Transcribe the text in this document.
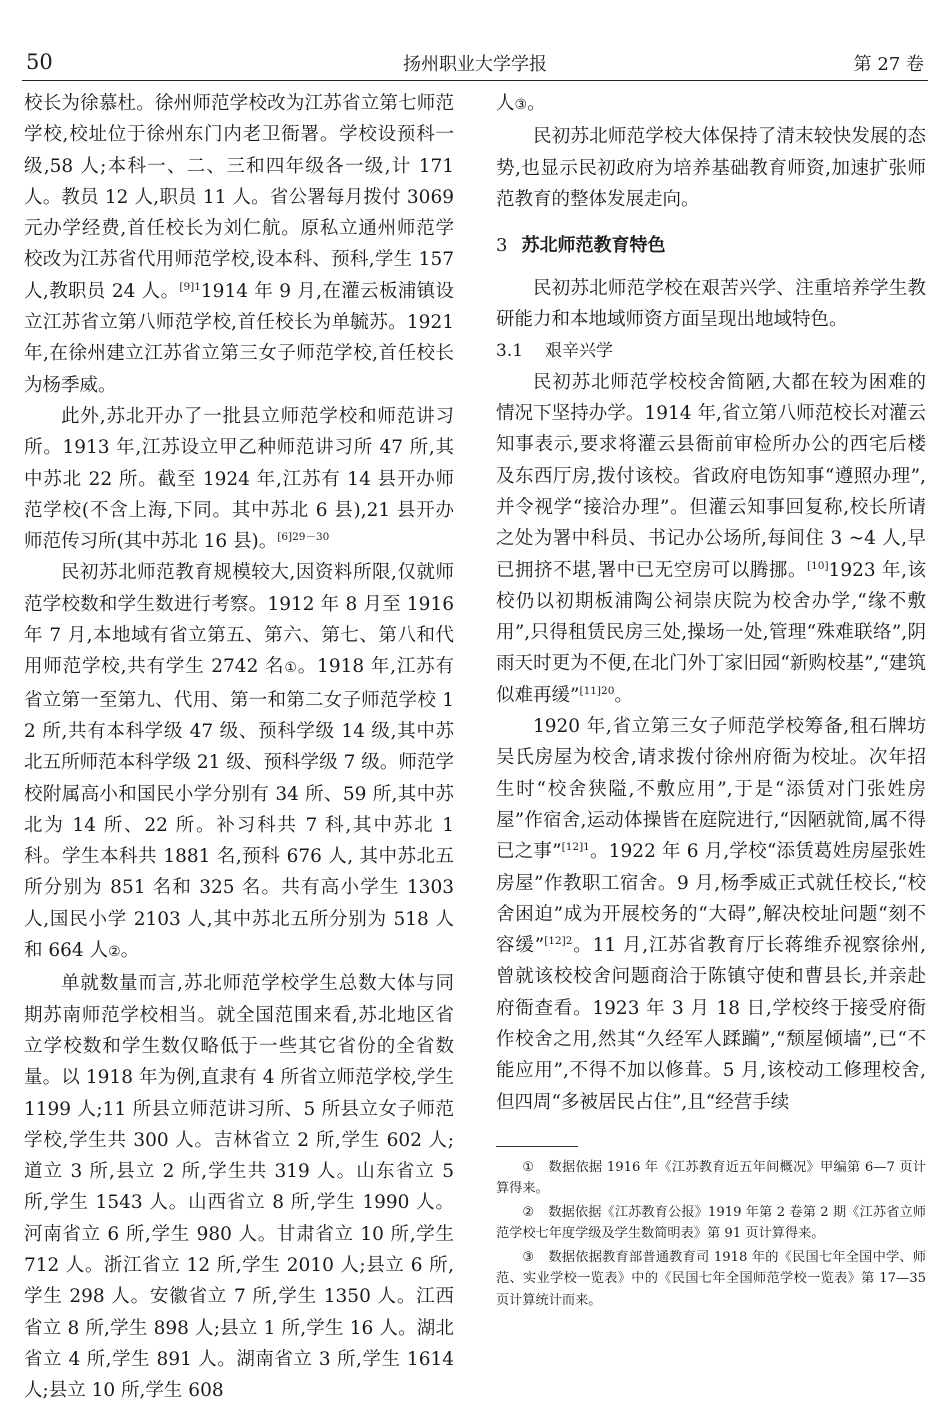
50	扬州职业大学学报	第 27 卷

校长为徐慕杜。徐州师范学校改为江苏省立第七师范学校,校址位于徐州东门内老卫衙署。学校设预科一级,58 人;本科一、二、三和四年级各一级,计 171 人。教员 12 人,职员 11 人。省公署每月拨付 3069 元办学经费,首任校长为刘仁航。原私立通州师范学校改为江苏省代用师范学校,设本科、预科,学生 157 人,教职员 24 人。$^{[9]1}$1914 年 9 月,在灌云板浦镇设立江苏省立第八师范学校,首任校长为单毓苏。1921 年,在徐州建立江苏省立第三女子师范学校,首任校长为杨季威。

此外,苏北开办了一批县立师范学校和师范讲习所。1913 年,江苏设立甲乙种师范讲习所 47 所,其中苏北 22 所。截至 1924 年,江苏有 14 县开办师范学校(不含上海,下同。其中苏北 6 县),21 县开办师范传习所(其中苏北 16 县)。$^{[6]29-30}$

民初苏北师范教育规模较大,因资料所限,仅就师范学校数和学生数进行考察。1912 年 8 月至 1916 年 7 月,本地域有省立第五、第六、第七、第八和代用师范学校,共有学生 2742 名①。1918 年,江苏有省立第一至第九、代用、第一和第二女子师范学校 12 所,共有本科学级 47 级、预科学级 14 级,其中苏北五所师范本科学级 21 级、预科学级 7 级。师范学校附属高小和国民小学分别有 34 所、59 所,其中苏北为 14 所、22 所。补习科共 7 科,其中苏北 1 科。学生本科共 1881 名,预科 676 人, 其中苏北五所分别为 851 名和 325 名。共有高小学生 1303 人,国民小学 2103 人,其中苏北五所分别为 518 人和 664 人②。

单就数量而言,苏北师范学校学生总数大体与同期苏南师范学校相当。就全国范围来看,苏北地区省立学校数和学生数仅略低于一些其它省份的全省数量。以 1918 年为例,直隶有 4 所省立师范学校,学生 1199 人;11 所县立师范讲习所、5 所县立女子师范学校,学生共 300 人。吉林省立 2 所,学生 602 人;道立 3 所,县立 2 所,学生共 319 人。山东省立 5 所,学生 1543 人。山西省立 8 所,学生 1990 人。河南省立 6 所,学生 980 人。甘肃省立 10 所,学生 712 人。浙江省立 12 所,学生 2010 人;县立 6 所,学生 298 人。安徽省立 7 所,学生 1350 人。江西省立 8 所,学生 898 人;县立 1 所,学生 16 人。湖北省立 4 所,学生 891 人。湖南省立 3 所,学生 1614 人;县立 10 所,学生 608

人③。

民初苏北师范学校大体保持了清末较快发展的态势,也显示民初政府为培养基础教育师资,加速扩张师范教育的整体发展走向。

3 苏北师范教育特色

民初苏北师范学校在艰苦兴学、注重培养学生教研能力和本地域师资方面呈现出地域特色。

3.1 艰辛兴学

民初苏北师范学校校舍简陋,大都在较为困难的情况下坚持办学。1914 年,省立第八师范校长对灌云知事表示,要求将灌云县衙前审检所办公的西宅后楼及东西厅房,拨付该校。省政府电饬知事“遵照办理”,并令视学“接洽办理”。但灌云知事回复称,校长所请之处为署中科员、书记办公场所,每间住 3 ~4 人,早已拥挤不堪,署中已无空房可以腾挪。[10]1923 年,该校仍以初期板浦陶公祠崇庆院为校舍办学,“缘不敷用”,只得租赁民房三处,操场一处,管理“殊难联络”,阴雨天时更为不便,在北门外丁家旧园“新购校基”,“建筑似难再缓”$^{[11]20}$。

1920 年,省立第三女子师范学校筹备,租石牌坊吴氏房屋为校舍,请求拨付徐州府衙为校址。次年招生时“校舍狭隘,不敷应用”,于是“添赁对门张姓房屋”作宿舍,运动体操皆在庭院进行,“因陋就简,属不得已之事”$^{[12]1}$。1922 年 6 月,学校“添赁葛姓房屋张姓房屋”作教职工宿舍。9 月,杨季威正式就任校长,“校舍困迫”成为开展校务的“大碍”,解决校址问题“刻不容缓”$^{[12]2}$。11 月,江苏省教育厅长蒋维乔视察徐州,曾就该校校舍问题商洽于陈镇守使和曹县长,并亲赴府衙查看。1923 年 3 月 18 日,学校终于接受府衙作校舍之用,然其“久经军人蹂躏”,“颓屋倾墙”,已“不能应用”,不得不加以修葺。5 月,该校动工修理校舍,但四周“多被居民占住”,且“经营手续

① 数据依据 1916 年《江苏教育近五年间概况》甲编第 6—7 页计算得来。

② 数据依据《江苏教育公报》1919 年第 2 卷第 2 期《江苏省立师范学校七年度学级及学生数简明表》第 91 页计算得来。

③ 数据依据教育部普通教育司 1918 年的《民国七年全国中学、师范、实业学校一览表》中的《民国七年全国师范学校一览表》第 17—35 页计算统计而来。
